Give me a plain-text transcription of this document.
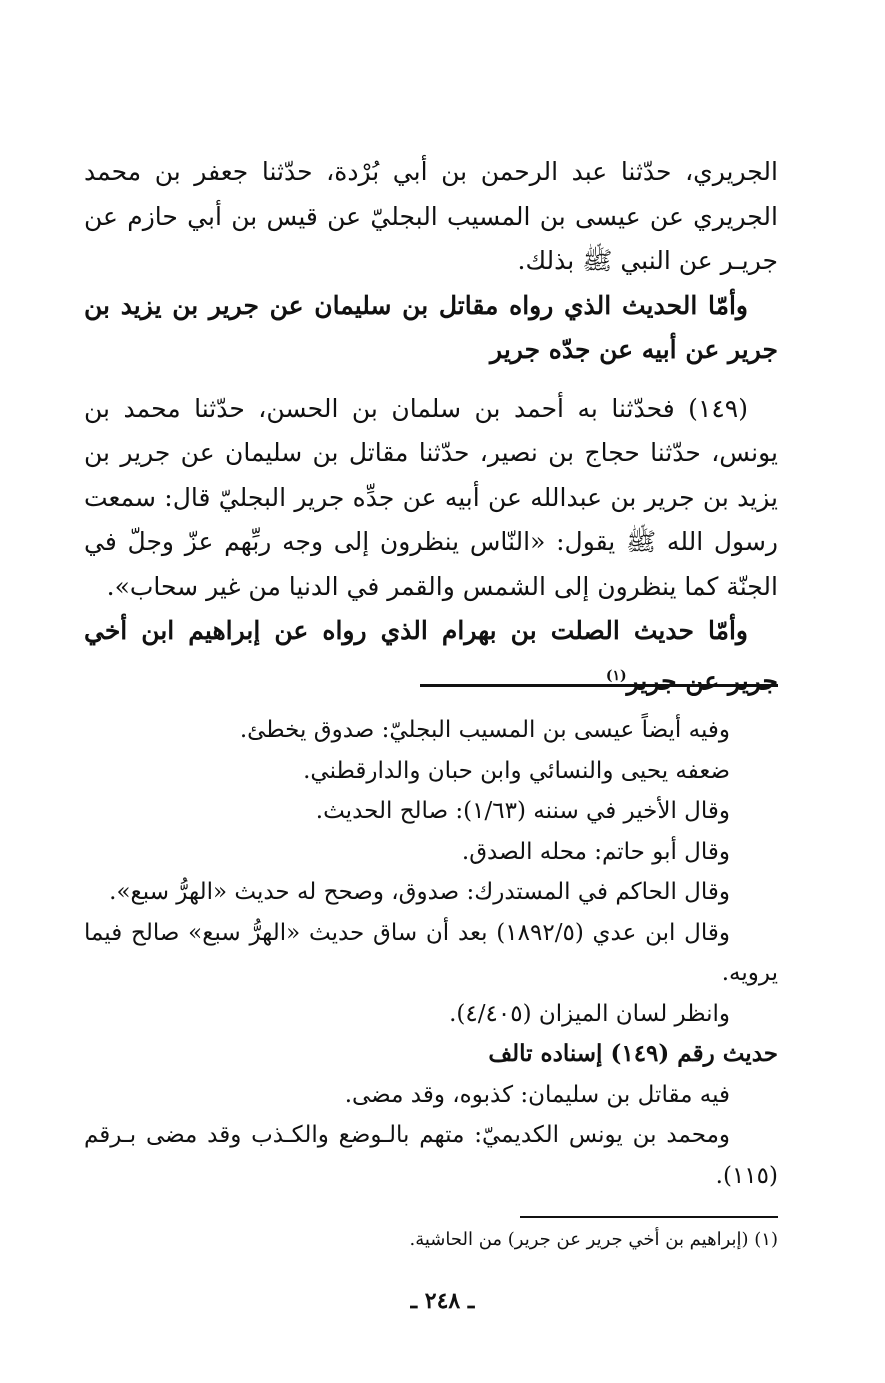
الجريري، حدّثنا عبد الرحمن بن أبي بُرْدة، حدّثنا جعفر بن محمد الجريري عن عيسى بن المسيب البجليّ عن قيس بن أبي حازم عن جريـر عن النبي ﷺ بذلك.

وأمّا الحديث الذي رواه مقاتل بن سليمان عن جرير بن يزيد بن جرير عن أبيه عن جدّه جرير

(١٤٩) فحدّثنا به أحمد بن سلمان بن الحسن، حدّثنا محمد بن يونس، حدّثنا حجاج بن نصير، حدّثنا مقاتل بن سليمان عن جرير بن يزيد بن جرير بن عبدالله عن أبيه عن جدِّه جرير البجليّ قال: سمعت رسول الله ﷺ يقول: «النّاس ينظرون إلى وجه ربِّهم عزّ وجلّ في الجنّة كما ينظرون إلى الشمس والقمر في الدنيا من غير سحاب».

وأمّا حديث الصلت بن بهرام الذي رواه عن إبراهيم ابن أخي جرير عن جرير$^{(١)}$

وفيه أيضاً عيسى بن المسيب البجليّ: صدوق يخطئ.

ضعفه يحيى والنسائي وابن حبان والدارقطني.

وقال الأخير في سننه (١/٦٣): صالح الحديث.

وقال أبو حاتم: محله الصدق.

وقال الحاكم في المستدرك: صدوق، وصحح له حديث «الهرُّ سبع».

وقال ابن عدي (١٨٩٢/٥) بعد أن ساق حديث «الهرُّ سبع» صالح فيما يرويه.

وانظر لسان الميزان (٤/٤٠٥).

حديث رقم (١٤٩) إسناده تالف

فيه مقاتل بن سليمان: كذبوه، وقد مضى.

ومحمد بن يونس الكديميّ: متهم بالـوضع والكـذب وقد مضى بـرقم (١١٥).

(١) (إبراهيم بن أخي جرير عن جرير) من الحاشية.
ـ ٢٤٨ ـ
